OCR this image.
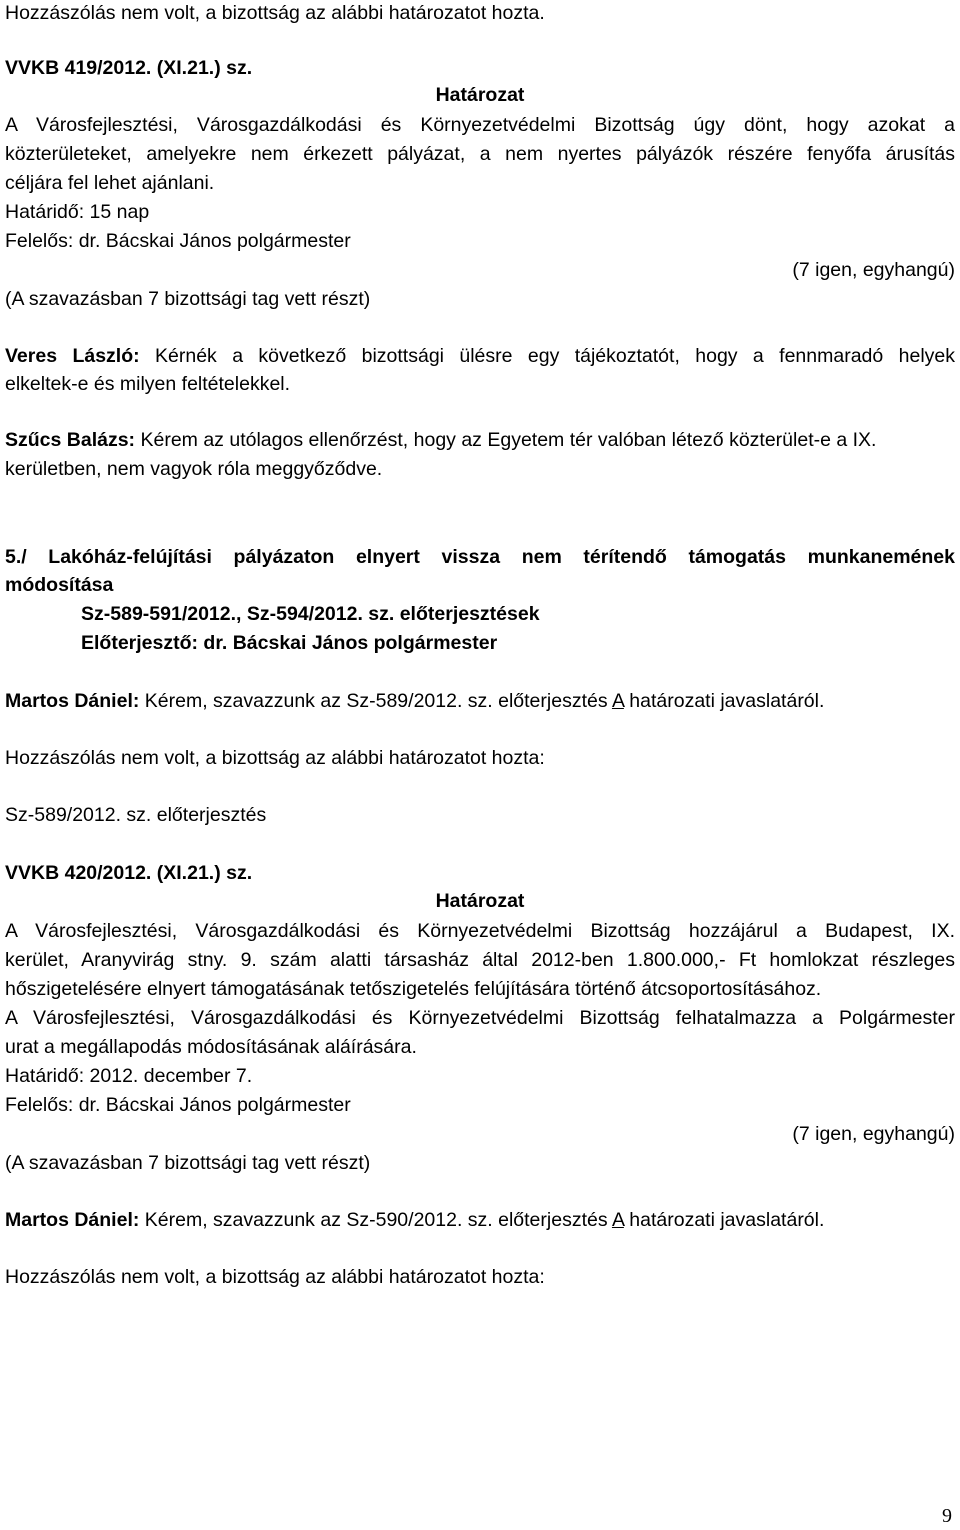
Hozzászólás nem volt, a bizottság az alábbi határozatot hozta.
VVKB 419/2012. (XI.21.) sz.
Határozat
A Városfejlesztési, Városgazdálkodási és Környezetvédelmi Bizottság úgy dönt, hogy azokat a
közterületeket, amelyekre nem érkezett pályázat, a nem nyertes pályázók részére fenyőfa árusítás
céljára fel lehet ajánlani.
Határidő: 15 nap
Felelős: dr. Bácskai János polgármester
(7 igen, egyhangú)
(A szavazásban 7 bizottsági tag vett részt)
Veres László: Kérnék a következő bizottsági ülésre egy tájékoztatót, hogy a fennmaradó helyek
elkeltek-e és milyen feltételekkel.
Szűcs Balázs: Kérem az utólagos ellenőrzést, hogy az Egyetem tér valóban létező közterület-e a IX.
kerületben, nem vagyok róla meggyőződve.
5./ Lakóház-felújítási pályázaton elnyert vissza nem térítendő támogatás munkanemének
módosítása
Sz-589-591/2012., Sz-594/2012. sz. előterjesztések
Előterjesztő: dr. Bácskai János polgármester
Martos Dániel: Kérem, szavazzunk az Sz-589/2012. sz. előterjesztés A határozati javaslatáról.
Hozzászólás nem volt, a bizottság az alábbi határozatot hozta:
Sz-589/2012. sz. előterjesztés
VVKB 420/2012. (XI.21.) sz.
Határozat
A Városfejlesztési, Városgazdálkodási és Környezetvédelmi Bizottság hozzájárul a Budapest, IX.
kerület, Aranyvirág stny. 9. szám alatti társasház által 2012-ben 1.800.000,- Ft homlokzat részleges
hőszigetelésére elnyert támogatásának tetőszigetelés felújítására történő átcsoportosításához.
A Városfejlesztési, Városgazdálkodási és Környezetvédelmi Bizottság felhatalmazza a Polgármester
urat a megállapodás módosításának aláírására.
Határidő: 2012. december 7.
Felelős: dr. Bácskai János polgármester
(7 igen, egyhangú)
(A szavazásban 7 bizottsági tag vett részt)
Martos Dániel: Kérem, szavazzunk az Sz-590/2012. sz. előterjesztés A határozati javaslatáról.
Hozzászólás nem volt, a bizottság az alábbi határozatot hozta:
9
